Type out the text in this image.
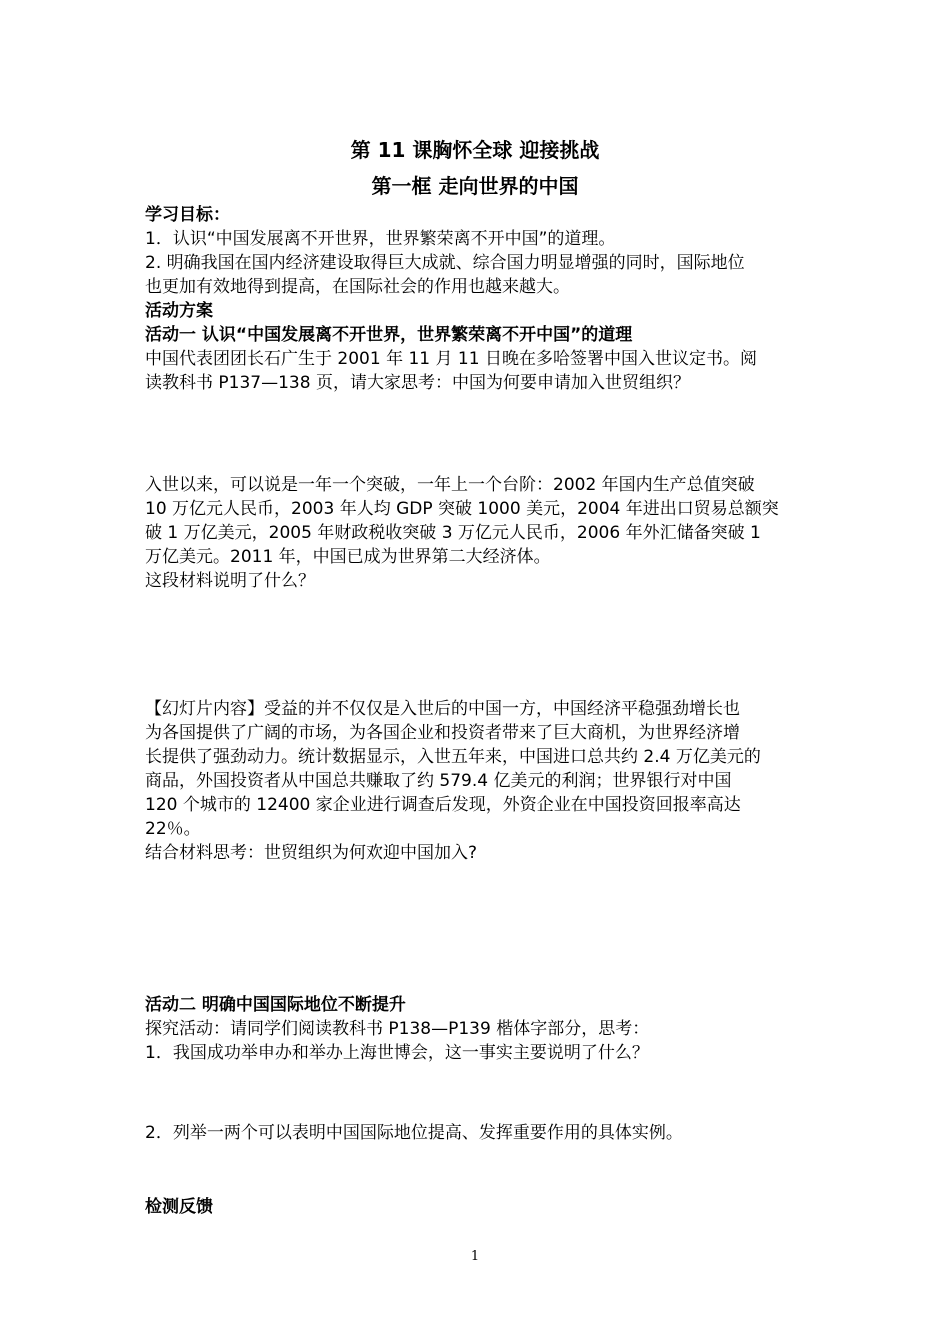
第 11 课胸怀全球 迎接挑战

第一框 走向世界的中国

学习目标：

1．认识“中国发展离不开世界，世界繁荣离不开中国”的道理。

2. 明确我国在国内经济建设取得巨大成就、综合国力明显增强的同时，国际地位

也更加有效地得到提高，在国际社会的作用也越来越大。

活动方案

活动一 认识“中国发展离不开世界，世界繁荣离不开中国”的道理

中国代表团团长石广生于 2001 年 11 月 11 日晚在多哈签署中国入世议定书。阅

读教科书 P137—138 页，请大家思考：中国为何要申请加入世贸组织？

入世以来，可以说是一年一个突破，一年上一个台阶：2002 年国内生产总值突破

10 万亿元人民币，2003 年人均 GDP 突破 1000 美元，2004 年进出口贸易总额突

破 1 万亿美元，2005 年财政税收突破 3 万亿元人民币，2006 年外汇储备突破 1

万亿美元。2011 年，中国已成为世界第二大经济体。

这段材料说明了什么？

【幻灯片内容】受益的并不仅仅是入世后的中国一方，中国经济平稳强劲增长也

为各国提供了广阔的市场，为各国企业和投资者带来了巨大商机，为世界经济增

长提供了强劲动力。统计数据显示，入世五年来，中国进口总共约 2.4 万亿美元的

商品，外国投资者从中国总共赚取了约 579.4 亿美元的利润；世界银行对中国

120 个城市的 12400 家企业进行调查后发现，外资企业在中国投资回报率高达

22％。

结合材料思考：世贸组织为何欢迎中国加入?

活动二 明确中国国际地位不断提升

探究活动：请同学们阅读教科书 P138—P139 楷体字部分，思考：

1．我国成功举申办和举办上海世博会，这一事实主要说明了什么？

2．列举一两个可以表明中国国际地位提高、发挥重要作用的具体实例。

检测反馈

1
